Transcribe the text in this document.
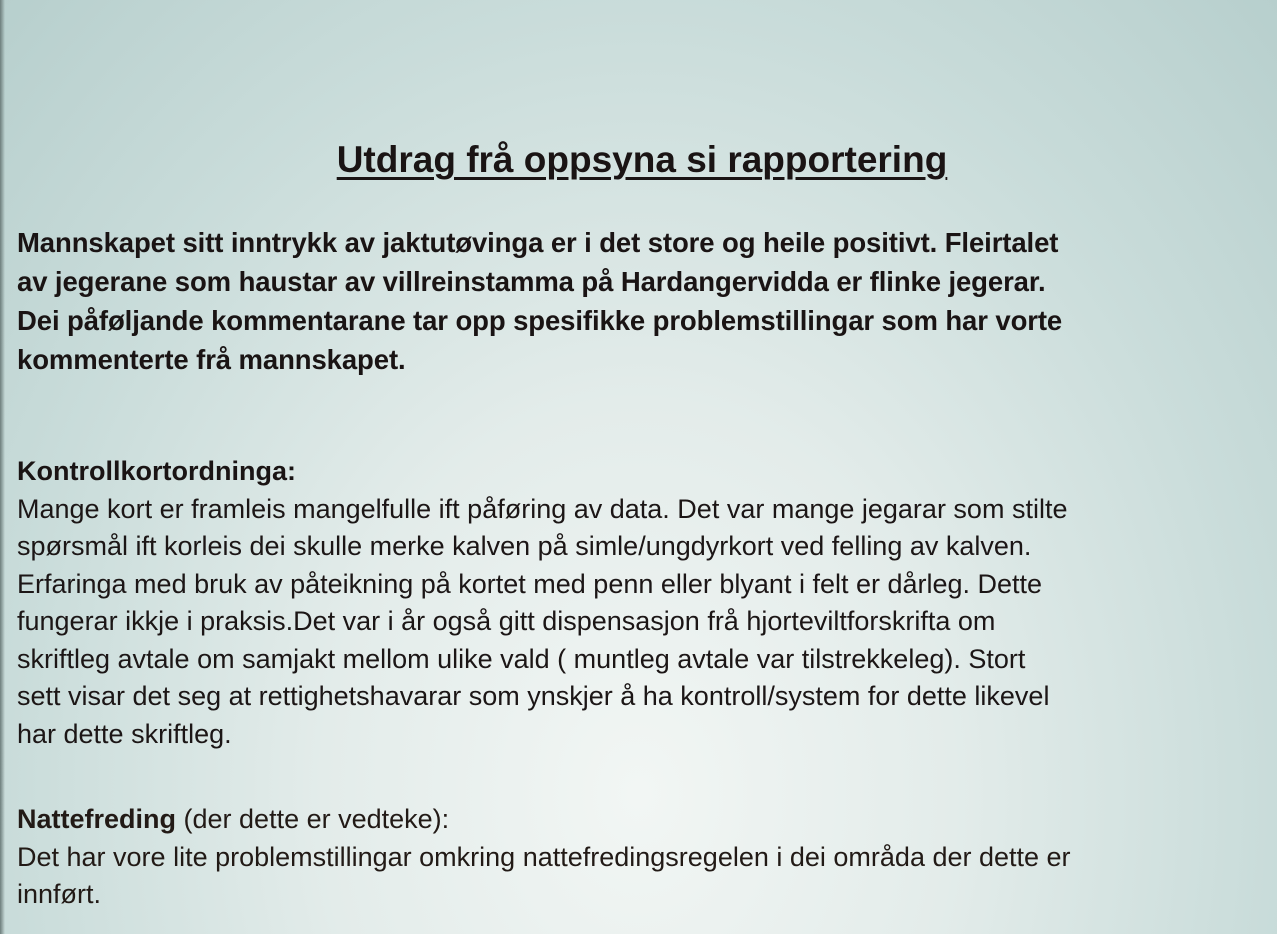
Utdrag frå oppsyna si rapportering
Mannskapet sitt inntrykk av jaktutøvinga er i det store og heile positivt. Fleirtalet
av jegerane som haustar av villreinstamma på Hardangervidda er flinke jegerar.
Dei påføljande kommentarane tar opp spesifikke problemstillingar som har vorte
kommenterte frå mannskapet.
Kontrollkortordninga:
Mange kort er framleis mangelfulle ift påføring av data. Det var mange jegarar som stilte
spørsmål ift korleis dei skulle merke kalven på simle/ungdyrkort ved felling av kalven.
Erfaringa med bruk av påteikning på kortet med penn eller blyant i felt er dårleg. Dette
fungerar ikkje i praksis.Det var i år også gitt dispensasjon frå hjorteviltforskrifta om
skriftleg avtale om samjakt mellom ulike vald ( muntleg avtale var tilstrekkeleg). Stort
sett visar det seg at rettighetshavarar som ynskjer å ha kontroll/system for dette likevel
har dette skriftleg.
Nattefreding (der dette er vedteke):
Det har vore lite problemstillingar omkring nattefredingsregelen i dei områda der dette er
innført.
